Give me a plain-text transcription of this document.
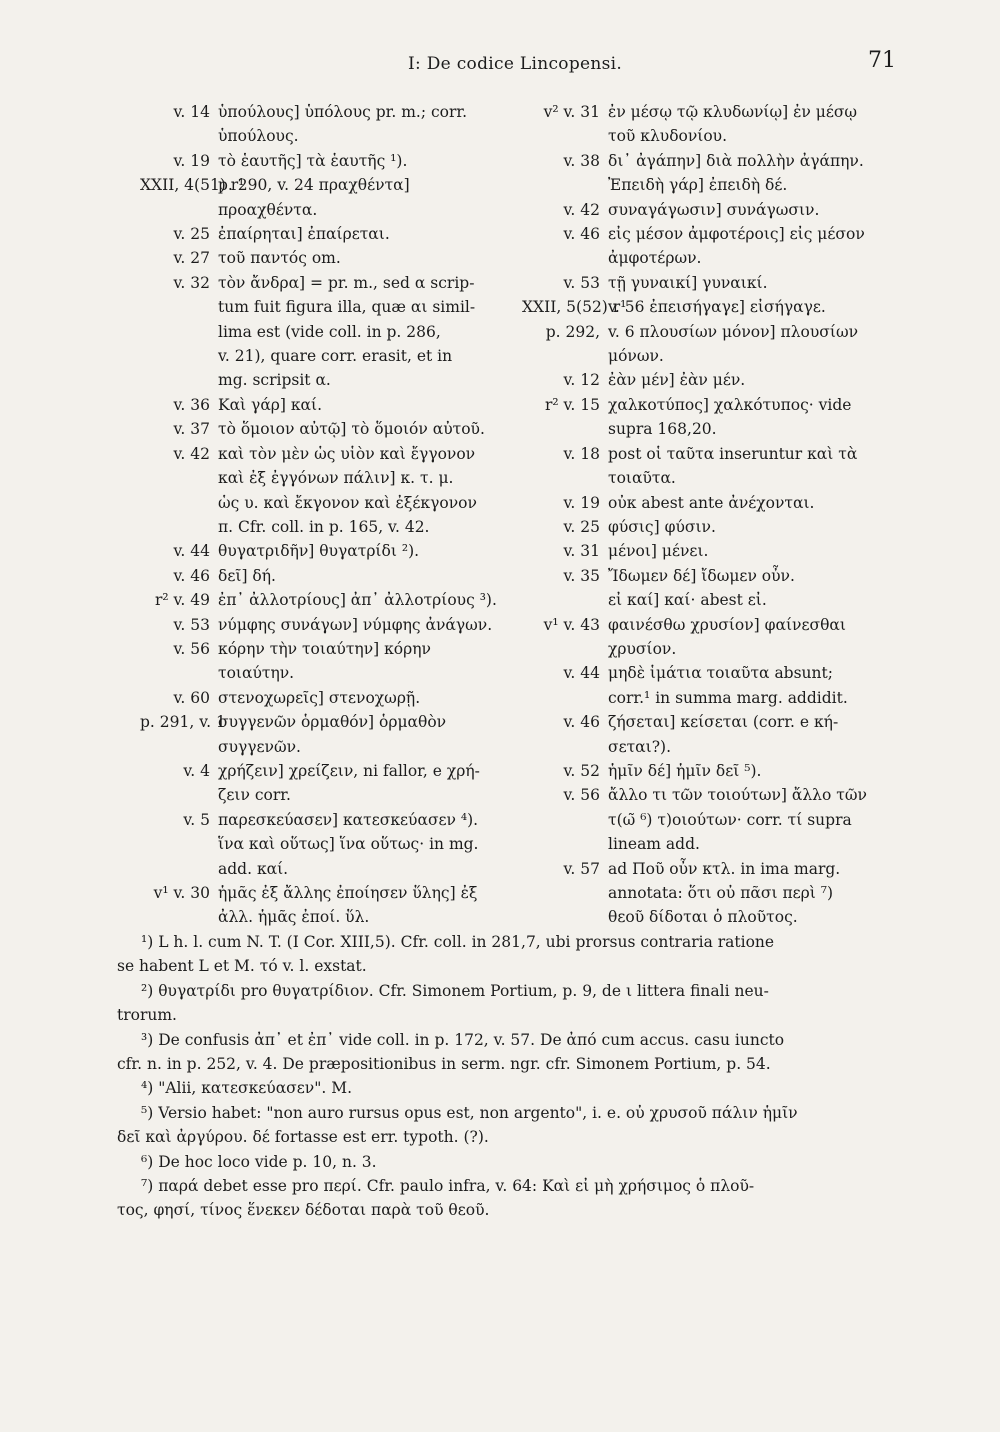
I: De codice Lincopensi.	71
v. 14 ὑπούλους] ὑπόλους pr. m.; corr.
ὑπούλους.
v. 19 τὸ ἑαυτῆς] τὰ ἑαυτῆς ¹).
XXII, 4(51) r¹
p. 290, v. 24 πραχθέντα]
προαχθέντα.
v. 25 ἐπαίρηται] ἐπαίρεται.
v. 27 τοῦ παντός om.
v. 32 τὸν ἄνδρα] = pr. m., sed α scrip-
tum fuit figura illa, quæ αι simil-
lima est (vide coll. in p. 286,
v. 21), quare corr. erasit, et in
mg. scripsit α.
v. 36 Καὶ γάρ] καί.
v. 37 τὸ ὅμοιον αὐτῷ] τὸ ὅμοιόν αὐτοῦ.
v. 42 καὶ τὸν μὲν ὡς υἱὸν καὶ ἔγγονον
καὶ ἐξ ἐγγόνων πάλιν] κ. τ. μ.
ὡς υ. καὶ ἔκγονον καὶ ἐξέκγονον
π. Cfr. coll. in p. 165, v. 42.
v. 44 θυγατριδῆν] θυγατρίδι ²).
v. 46 δεῖ] δή.
r² v. 49 ἐπ᾽ ἀλλοτρίους] ἀπ᾽ ἀλλοτρίους ³).
v. 53 νύμφης συνάγων] νύμφης ἀνάγων.
v. 56 κόρην τὴν τοιαύτην] κόρην
τοιαύτην.
v. 60 στενοχωρεῖς] στενοχωρῇ.
p. 291, v. 1
συγγενῶν ὁρμαθόν] ὁρμαθὸν
συγγενῶν.
v. 4 χρήζειν] χρείζειν, ni fallor, e χρή-
ζειν corr.
v. 5 παρεσκεύασεν] κατεσκεύασεν ⁴).
ἵνα καὶ οὕτως] ἵνα οὕτως· in mg.
add. καί.
v¹ v. 30 ἡμᾶς ἐξ ἄλλης ἐποίησεν ὕλης] ἐξ
ἀλλ. ἡμᾶς ἐποί. ὕλ.
v² v. 31 ἐν μέσῳ τῷ κλυδωνίῳ] ἐν μέσῳ
τοῦ κλυδονίου.
v. 38 δι᾽ ἀγάπην] διὰ πολλὴν ἀγάπην.
Ἐπειδὴ γάρ] ἐπειδὴ δέ.
v. 42 συναγάγωσιν] συνάγωσιν.
v. 46 εἰς μέσον ἀμφοτέροις] εἰς μέσον
ἀμφοτέρων.
v. 53 τῇ γυναικί] γυναικί.
XXII, 5(52) r¹
v. 56 ἐπεισήγαγε] εἰσήγαγε.
p. 292, v. 6 πλουσίων μόνον] πλουσίων
μόνων.
v. 12 ἐὰν μέν] ἐὰν μέν.
r² v. 15 χαλκοτύπος] χαλκότυπος· vide
supra 168,20.
v. 18 post οἱ ταῦτα inseruntur καὶ τὰ
τοιαῦτα.
v. 19 οὐκ abest ante ἀνέχονται.
v. 25 φύσις] φύσιν.
v. 31 μένοι] μένει.
v. 35 Ἴδωμεν δέ] ἴδωμεν οὖν.
εἰ καί] καί· abest εἰ.
v¹ v. 43 φαινέσθω χρυσίον] φαίνεσθαι
χρυσίον.
v. 44 μηδὲ ἱμάτια τοιαῦτα absunt;
corr.¹ in summa marg. addidit.
v. 46 ζήσεται] κείσεται (corr. e κή-
σεται?).
v. 52 ἡμῖν δέ] ἡμῖν δεῖ ⁵).
v. 56 ἄλλο τι τῶν τοιούτων] ἄλλο τῶν
τ(ω̃ ⁶) τ)οιούτων· corr. τί supra
lineam add.
v. 57 ad Ποῦ οὖν κτλ. in ima marg.
annotata: ὅτι οὐ πᾶσι περὶ ⁷)
θεοῦ δίδοται ὁ πλοῦτος.
¹) L h. l. cum N. T. (I Cor. XIII,5). Cfr. coll. in 281,7, ubi prorsus contraria ratione
se habent L et M. τό v. l. exstat.
²) θυγατρίδι pro θυγατρίδιον. Cfr. Simonem Portium, p. 9, de ι littera finali neu-
trorum.
³) De confusis ἀπ᾽ et ἐπ᾽ vide coll. in p. 172, v. 57. De ἀπό cum accus. casu iuncto
cfr. n. in p. 252, v. 4. De præpositionibus in serm. ngr. cfr. Simonem Portium, p. 54.
⁴) "Alii, κατεσκεύασεν". M.
⁵) Versio habet: "non auro rursus opus est, non argento", i. e. οὐ χρυσοῦ πάλιν ἡμῖν
δεῖ καὶ ἀργύρου. δέ fortasse est err. typoth. (?).
⁶) De hoc loco vide p. 10, n. 3.
⁷) παρά debet esse pro περί. Cfr. paulo infra, v. 64: Καὶ εἰ μὴ χρήσιμος ὁ πλοῦ-
τος, φησί, τίνος ἕνεκεν δέδοται παρὰ τοῦ θεοῦ.
